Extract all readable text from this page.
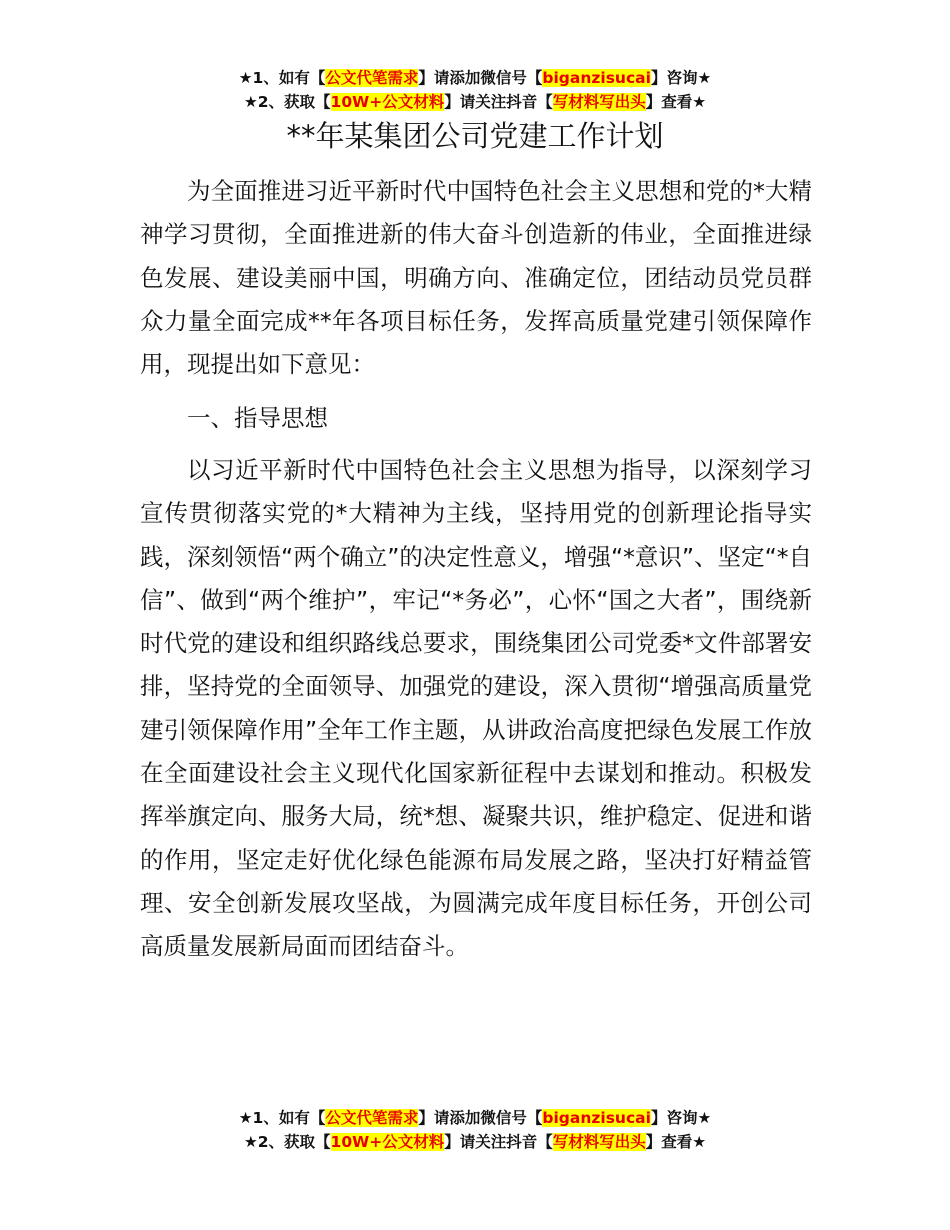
★1、如有【公文代笔需求】请添加微信号【biganzisucai】咨询★
★2、获取【10W+公文材料】请关注抖音【写材料写出头】查看★
**年某集团公司党建工作计划

为全面推进习近平新时代中国特色社会主义思想和党的*大精神学习贯彻，全面推进新的伟大奋斗创造新的伟业，全面推进绿色发展、建设美丽中国，明确方向、准确定位，团结动员党员群众力量全面完成**年各项目标任务，发挥高质量党建引领保障作用，现提出如下意见：

一、指导思想

以习近平新时代中国特色社会主义思想为指导，以深刻学习宣传贯彻落实党的*大精神为主线，坚持用党的创新理论指导实践，深刻领悟“两个确立”的决定性意义，增强“*意识”、坚定“*自信”、做到“两个维护”，牢记“*务必”，心怀“国之大者”，围绕新时代党的建设和组织路线总要求，围绕集团公司党委*文件部署安排，坚持党的全面领导、加强党的建设，深入贯彻“增强高质量党建引领保障作用”全年工作主题，从讲政治高度把绿色发展工作放在全面建设社会主义现代化国家新征程中去谋划和推动。积极发挥举旗定向、服务大局，统*想、凝聚共识，维护稳定、促进和谐的作用，坚定走好优化绿色能源布局发展之路，坚决打好精益管理、安全创新发展攻坚战，为圆满完成年度目标任务，开创公司高质量发展新局面而团结奋斗。

★1、如有【公文代笔需求】请添加微信号【biganzisucai】咨询★
★2、获取【10W+公文材料】请关注抖音【写材料写出头】查看★
